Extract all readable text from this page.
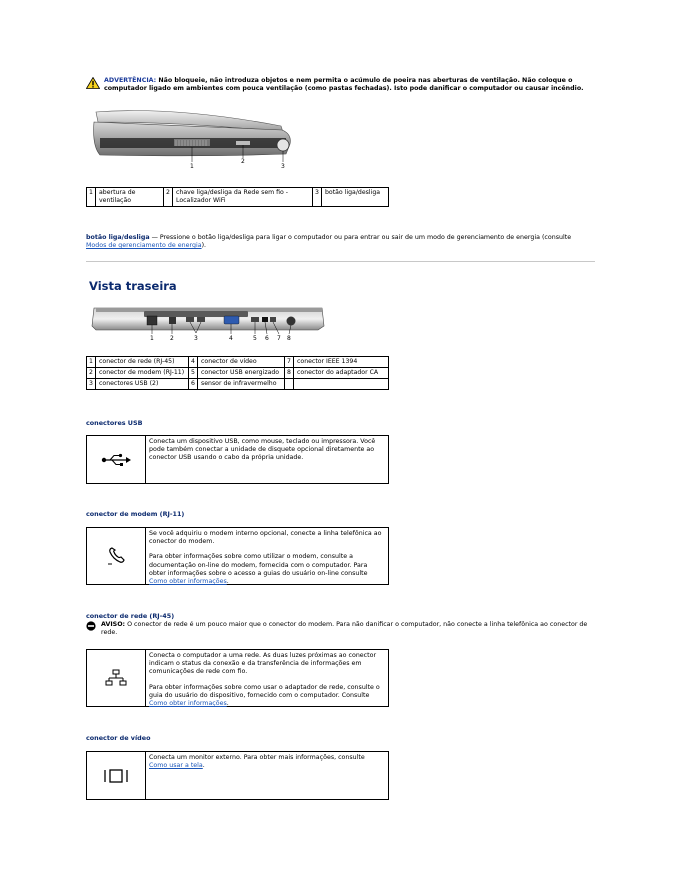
ADVERTÊNCIA: Não bloqueie, não introduza objetos e nem permita o acúmulo de poeira nas aberturas de ventilação. Não coloque o computador ligado em ambientes com pouca ventilação (como pastas fechadas). Isto pode danificar o computador ou causar incêndio.
1
2
3
1	abertura de ventilação	2	chave liga/desliga da Rede sem fio - Localizador WiFi	3	botão liga/desliga
botão liga/desliga — Pressione o botão liga/desliga para ligar o computador ou para entrar ou sair de um modo de gerenciamento de energia (consulte Modos de gerenciamento de energia).
Vista traseira
1	2	3	4	5 6 7 8
1	conector de rede (RJ-45)	4	conector de vídeo	7	conector IEEE 1394
2	conector de modem (RJ-11)	5	conector USB energizado	8	conector do adaptador CA
3	conectores USB (2)	6	sensor de infravermelho		
conectores USB

Conecta um dispositivo USB, como mouse, teclado ou impressora. Você pode também conectar a unidade de disquete opcional diretamente ao conector USB usando o cabo da própria unidade.

conector de modem (RJ-11)

Se você adquiriu o modem interno opcional, conecte a linha telefônica ao conector do modem.

Para obter informações sobre como utilizar o modem, consulte a documentação on-line do modem, fornecida com o computador. Para obter informações sobre o acesso a guias do usuário on-line consulte Como obter informações.

conector de rede (RJ-45)
AVISO: O conector de rede é um pouco maior que o conector do modem. Para não danificar o computador, não conecte a linha telefônica ao conector de rede.

Conecta o computador a uma rede. As duas luzes próximas ao conector indicam o status da conexão e da transferência de informações em comunicações de rede com fio.

Para obter informações sobre como usar o adaptador de rede, consulte o guia do usuário do dispositivo, fornecido com o computador. Consulte Como obter informações.

conector de vídeo

Conecta um monitor externo. Para obter mais informações, consulte Como usar a tela.
